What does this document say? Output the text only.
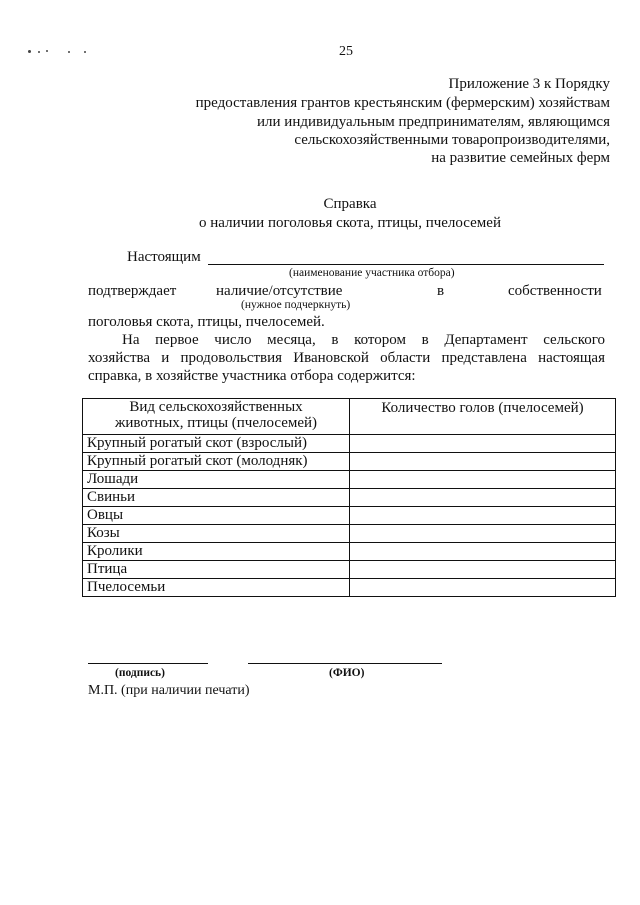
25
Приложение 3 к Порядку
предоставления грантов крестьянским (фермерским) хозяйствам
или индивидуальным предпринимателям, являющимся
сельскохозяйственными товаропроизводителями,
на развитие семейных ферм
Справка
о наличии поголовья скота, птицы, пчелосемей
Настоящим
(наименование участника отбора)
подтверждает	наличие/отсутствие	в	собственности
(нужное подчеркнуть)
поголовья скота, птицы, пчелосемей.
На первое число месяца, в котором в Департамент сельского
хозяйства и продовольствия Ивановской области представлена настоящая
справка, в хозяйстве участника отбора содержится:
Вид сельскохозяйственных
животных, птицы (пчелосемей)	Количество голов (пчелосемей)
Крупный рогатый скот (взрослый)	
Крупный рогатый скот (молодняк)	
Лошади	
Свиньи	
Овцы	
Козы	
Кролики	
Птица	
Пчелосемьи	
(подпись)	(ФИО)
М.П. (при наличии печати)
